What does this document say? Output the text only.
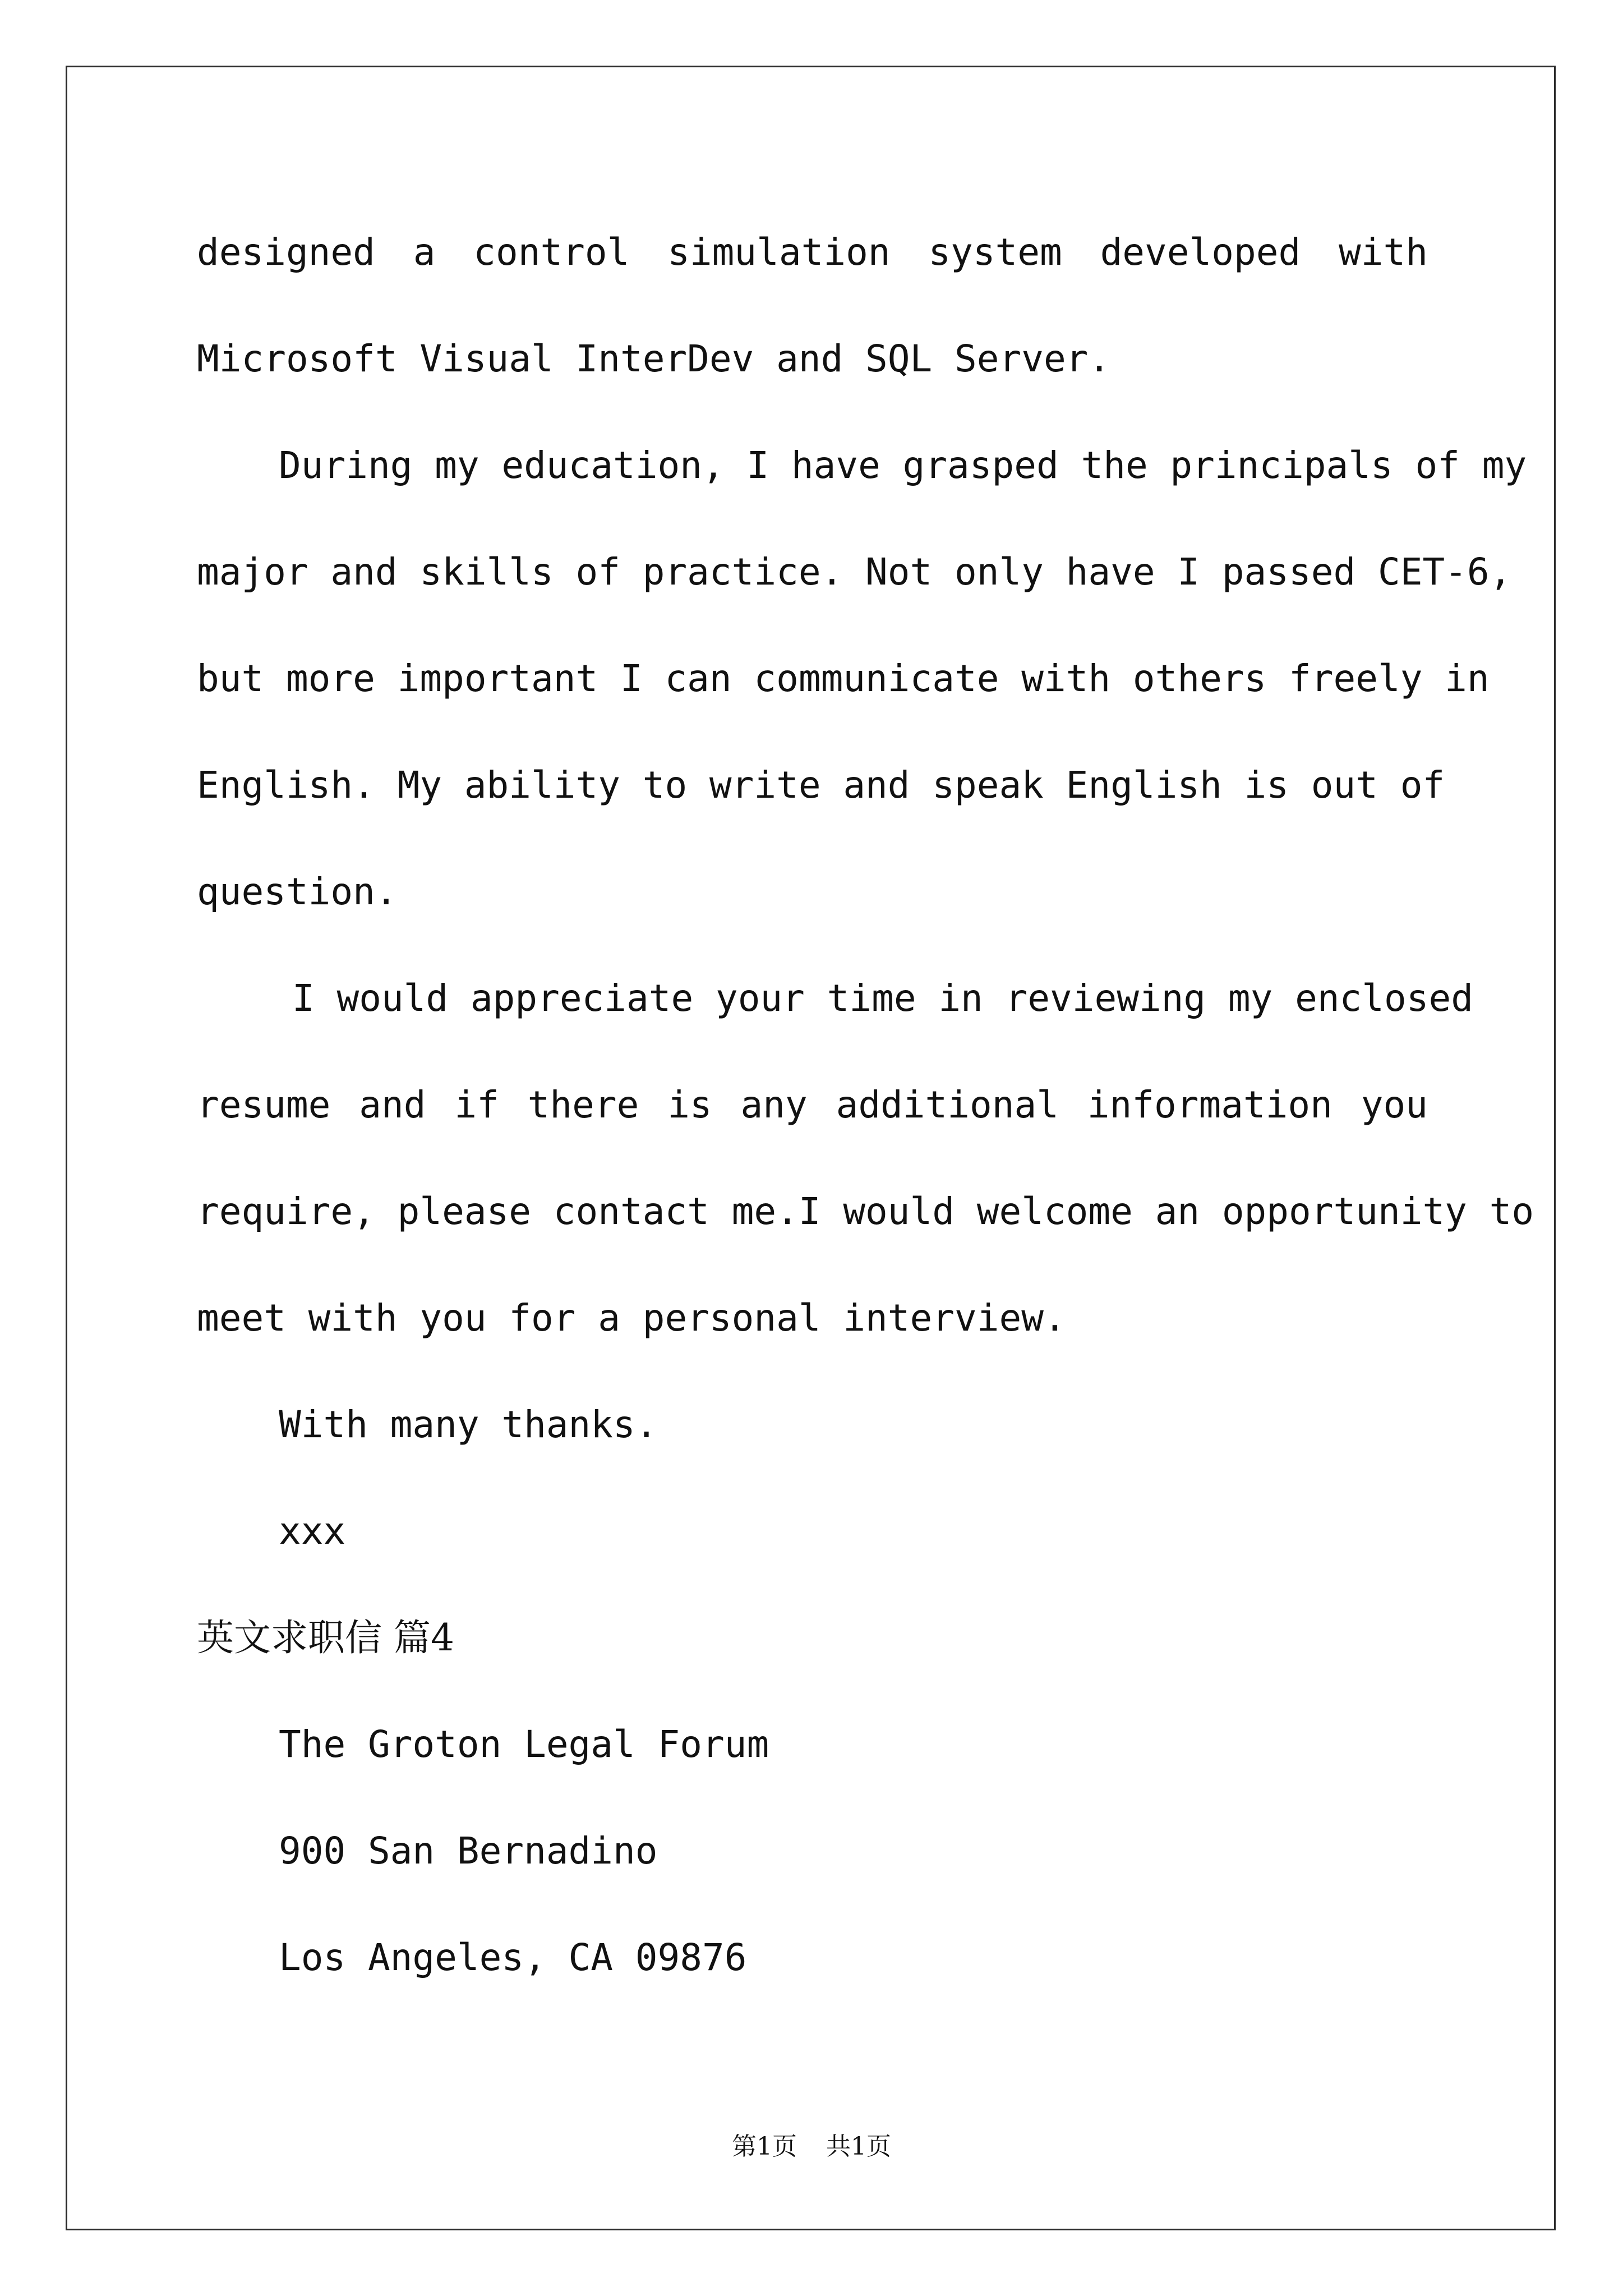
designed a control simulation system developed with
Microsoft Visual InterDev and SQL Server.
During my education, I have grasped the principals of my
major and skills of practice. Not only have I passed CET-6,
but more important I can communicate with others freely in
English. My ability to write and speak English is out of
question.
I would appreciate your time in reviewing my enclosed
resume and if there is any additional information you
require, please contact me.I would welcome an opportunity to
meet with you for a personal interview.
With many thanks.
xxx
英文求职信 篇4
The Groton Legal Forum
900 San Bernadino
Los Angeles, CA 09876
第1页 共1页
